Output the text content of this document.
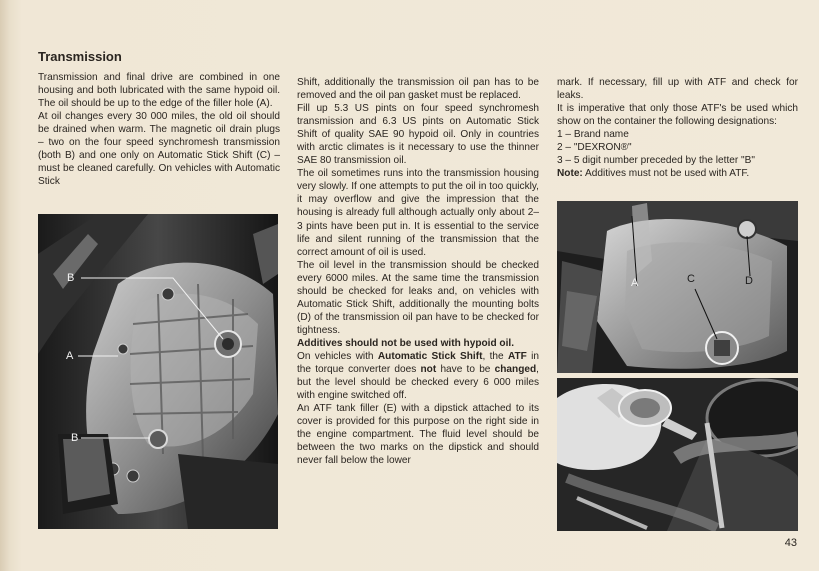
Transmission

Transmission and final drive are combined in one housing and both lubricated with the same hypoid oil. The oil should be up to the edge of the filler hole (A).

At oil changes every 30 000 miles, the old oil should be drained when warm. The magnetic oil drain plugs – two on the four speed synchromesh transmission (both B) and one only on Automatic Stick Shift (C) – must be cleaned carefully. On vehicles with Automatic Stick

B
A
B

Shift, additionally the transmission oil pan has to be removed and the oil pan gasket must be replaced.

Fill up 5.3 US pints on four speed synchromesh transmission and 6.3 US pints on Automatic Stick Shift of quality SAE 90 hypoid oil. Only in countries with arctic climates is it necessary to use the thinner SAE 80 transmission oil.

The oil sometimes runs into the transmission housing very slowly. If one attempts to put the oil in too quickly, it may overflow and give the impression that the housing is already full although actually only about 2–3 pints have been put in. It is essential to the service life and silent running of the transmission that the correct amount of oil is used.

The oil level in the transmission should be checked every 6000 miles. At the same time the transmission should be checked for leaks and, on vehicles with Automatic Stick Shift, additionally the mounting bolts (D) of the transmission oil pan have to be checked for tightness.

Additives should not be used with hypoid oil.

On vehicles with Automatic Stick Shift, the ATF in the torque converter does not have to be changed, but the level should be checked every 6 000 miles with engine switched off.

An ATF tank filler (E) with a dipstick attached to its cover is provided for this purpose on the right side in the engine compartment. The fluid level should be between the two marks on the dipstick and should never fall below the lower

mark. If necessary, fill up with ATF and check for leaks.

It is imperative that only those ATF's be used which show on the container the following designations:

1 – Brand name

2 – "DEXRON®"

3 – 5 digit number preceded by the letter "B"

Note: Additives must not be used with ATF.

A	C	D
43
